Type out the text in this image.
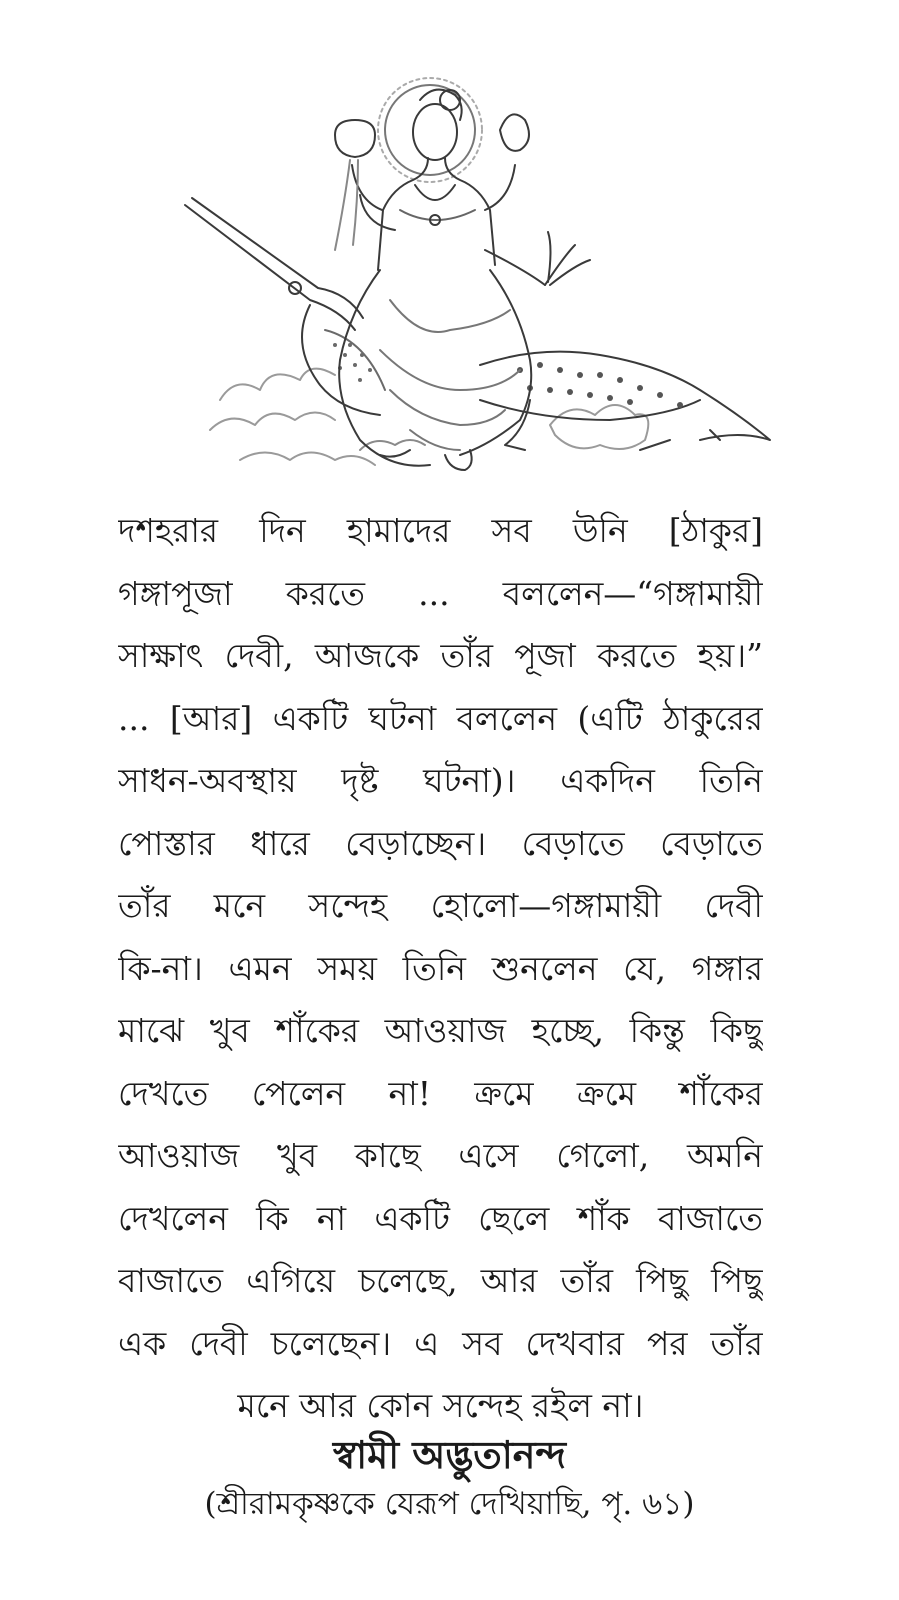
দশহরার দিন হামাদের সব উনি [ঠাকুর]
গঙ্গাপূজা করতে ... বললেন—“গঙ্গামায়ী
সাক্ষাৎ দেবী, আজকে তাঁর পূজা করতে হয়।”
... [আর] একটি ঘটনা বললেন (এটি ঠাকুরের
সাধন-অবস্থায় দৃষ্ট ঘটনা)। একদিন তিনি
পোস্তার ধারে বেড়াচ্ছেন। বেড়াতে বেড়াতে
তাঁর মনে সন্দেহ হোলো—গঙ্গামায়ী দেবী
কি-না। এমন সময় তিনি শুনলেন যে, গঙ্গার
মাঝে খুব শাঁকের আওয়াজ হচ্ছে, কিন্তু কিছু
দেখতে পেলেন না! ক্রমে ক্রমে শাঁকের
আওয়াজ খুব কাছে এসে গেলো, অমনি
দেখলেন কি না একটি ছেলে শাঁক বাজাতে
বাজাতে এগিয়ে চলেছে, আর তাঁর পিছু পিছু
এক দেবী চলেছেন। এ সব দেখবার পর তাঁর
মনে আর কোন সন্দেহ রইল না।
স্বামী অদ্ভুতানন্দ
(শ্রীরামকৃষ্ণকে যেরূপ দেখিয়াছি, পৃ. ৬১)
